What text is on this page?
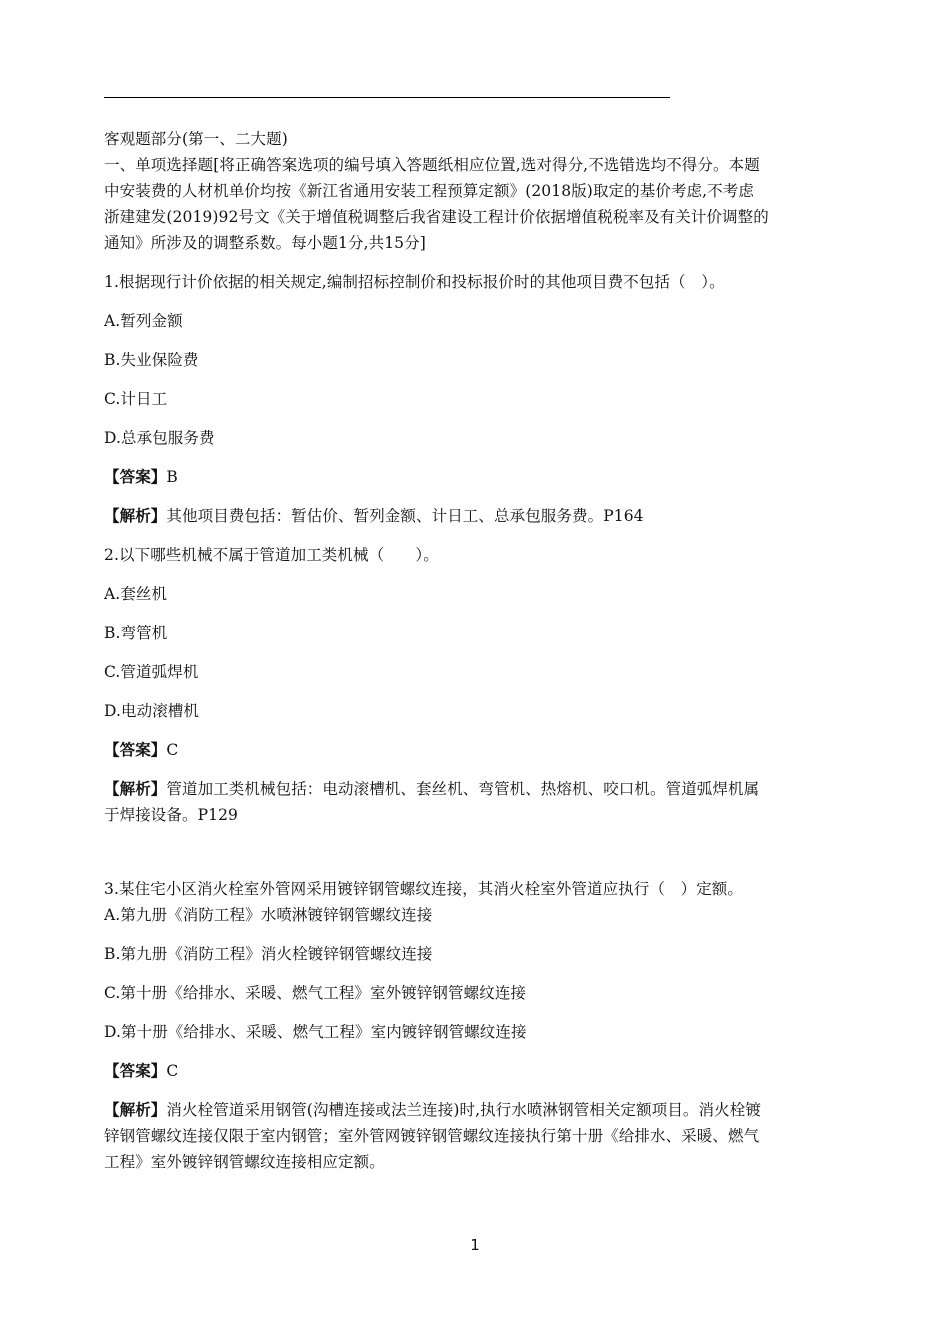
客观题部分(第一、二大题)
一、单项选择题[将正确答案选项的编号填入答题纸相应位置,选对得分,不选错选均不得分。本题
中安装费的人材机单价均按《新江省通用安装工程预算定额》(2018版)取定的基价考虑,不考虑
浙建建发(2019)92号文《关于增值税调整后我省建设工程计价依据增值税税率及有关计价调整的
通知》所涉及的调整系数。每小题1分,共15分]
1.根据现行计价依据的相关规定,编制招标控制价和投标报价时的其他项目费不包括（　）。
A.暂列金额
B.失业保险费
C.计日工
D.总承包服务费
【答案】B
【解析】其他项目费包括：暂估价、暂列金额、计日工、总承包服务费。P164
2.以下哪些机械不属于管道加工类机械（　　）。
A.套丝机
B.弯管机
C.管道弧焊机
D.电动滚槽机
【答案】C
【解析】管道加工类机械包括：电动滚槽机、套丝机、弯管机、热熔机、咬口机。管道弧焊机属
于焊接设备。P129
3.某住宅小区消火栓室外管网采用镀锌钢管螺纹连接，其消火栓室外管道应执行（　）定额。
A.第九册《消防工程》水喷淋镀锌钢管螺纹连接
B.第九册《消防工程》消火栓镀锌钢管螺纹连接
C.第十册《给排水、采暖、燃气工程》室外镀锌钢管螺纹连接
D.第十册《给排水、采暖、燃气工程》室内镀锌钢管螺纹连接
【答案】C
【解析】消火栓管道采用钢管(沟槽连接或法兰连接)时,执行水喷淋钢管相关定额项目。消火栓镀
锌钢管螺纹连接仅限于室内钢管；室外管网镀锌钢管螺纹连接执行第十册《给排水、采暖、燃气
工程》室外镀锌钢管螺纹连接相应定额。
1
